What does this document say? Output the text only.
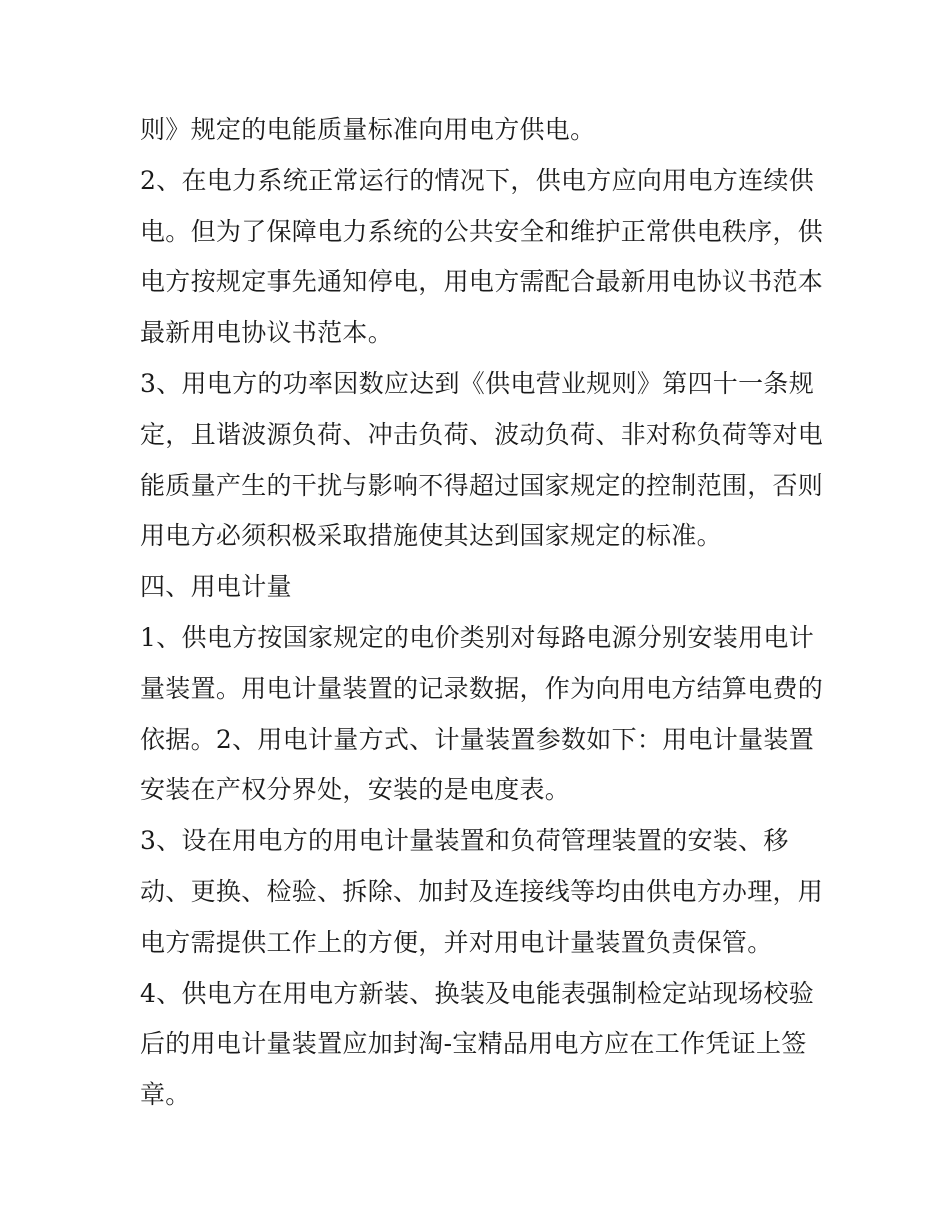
则》规定的电能质量标准向用电方供电。

2、在电力系统正常运行的情况下，供电方应向用电方连续供
电。但为了保障电力系统的公共安全和维护正常供电秩序，供
电方按规定事先通知停电，用电方需配合最新用电协议书范本
最新用电协议书范本。

3、用电方的功率因数应达到《供电营业规则》第四十一条规
定，且谐波源负荷、冲击负荷、波动负荷、非对称负荷等对电
能质量产生的干扰与影响不得超过国家规定的控制范围，否则
用电方必须积极采取措施使其达到国家规定的标准。

四、用电计量

1、供电方按国家规定的电价类别对每路电源分别安装用电计
量装置。用电计量装置的记录数据，作为向用电方结算电费的
依据。2、用电计量方式、计量装置参数如下：用电计量装置
安装在产权分界处，安装的是电度表。

3、设在用电方的用电计量装置和负荷管理装置的安装、移
动、更换、检验、拆除、加封及连接线等均由供电方办理，用
电方需提供工作上的方便，并对用电计量装置负责保管。

4、供电方在用电方新装、换装及电能表强制检定站现场校验
后的用电计量装置应加封淘-宝精品用电方应在工作凭证上签
章。
